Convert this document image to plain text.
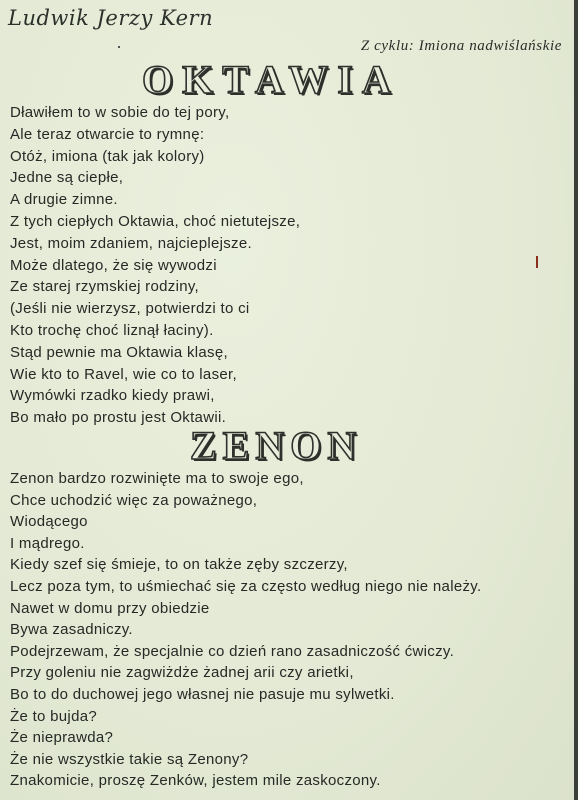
Ludwik Jerzy Kern
Z cyklu: Imiona nadwiślańskie
OKTAWIA
Dławiłem to w sobie do tej pory,
Ale teraz otwarcie to rymnę:
Otóż, imiona (tak jak kolory)
Jedne są ciepłe,
A drugie zimne.
Z tych ciepłych Oktawia, choć nietutejsze,
Jest, moim zdaniem, najcieplejsze.
Może dlatego, że się wywodzi
Ze starej rzymskiej rodziny,
(Jeśli nie wierzysz, potwierdzi to ci
Kto trochę choć liznął łaciny).
Stąd pewnie ma Oktawia klasę,
Wie kto to Ravel, wie co to laser,
Wymówki rzadko kiedy prawi,
Bo mało po prostu jest Oktawii.
ZENON
Zenon bardzo rozwinięte ma to swoje ego,
Chce uchodzić więc za poważnego,
Wiodącego
I mądrego.
Kiedy szef się śmieje, to on także zęby szczerzy,
Lecz poza tym, to uśmiechać się za często według niego nie należy.
Nawet w domu przy obiedzie
Bywa zasadniczy.
Podejrzewam, że specjalnie co dzień rano zasadniczość ćwiczy.
Przy goleniu nie zagwiżdże żadnej arii czy arietki,
Bo to do duchowej jego własnej nie pasuje mu sylwetki.
Że to bujda?
Że nieprawda?
Że nie wszystkie takie są Zenony?
Znakomicie, proszę Zenków, jestem mile zaskoczony.
